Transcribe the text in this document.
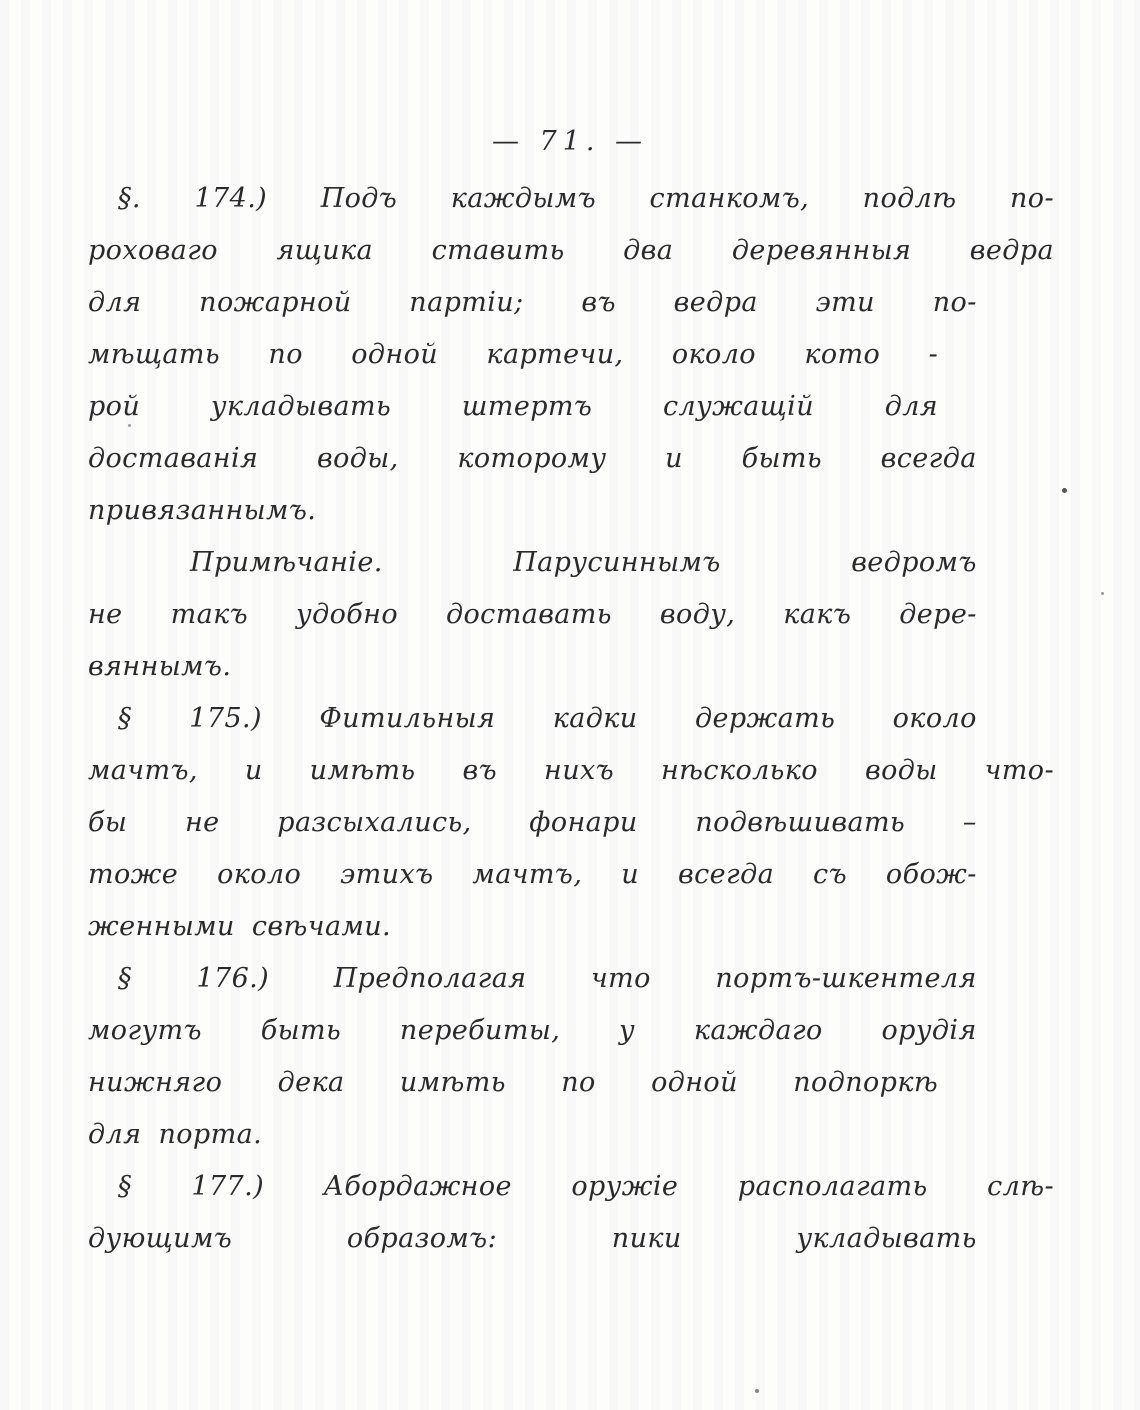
— 71. —

§. 174.) Подъ каждымъ станкомъ, подлѣ по-

роховаго ящика ставить два деревянныя ведра

для пожарной партіи; въ ведра эти по-

мѣщать по одной картечи, около кото -

рой укладывать штертъ служащій для

доставанія воды, которому и быть всегда

привязаннымъ.

Примѣчаніе. Парусиннымъ ведромъ

не такъ удобно доставать воду, какъ дере-

вяннымъ.

§ 175.) Фитильныя кадки держать около

мачтъ, и имѣть въ нихъ нѣсколько воды что-

бы не разсыхались, фонари подвѣшивать –

тоже около этихъ мачтъ, и всегда съ обож-

женными свѣчами.

§ 176.) Предполагая что портъ-шкентеля

могутъ быть перебиты, у каждаго орудія

нижняго дека имѣть по одной подпоркѣ

для порта.

§ 177.) Абордажное оружіе располагать слѣ-

дующимъ образомъ: пики укладывать
